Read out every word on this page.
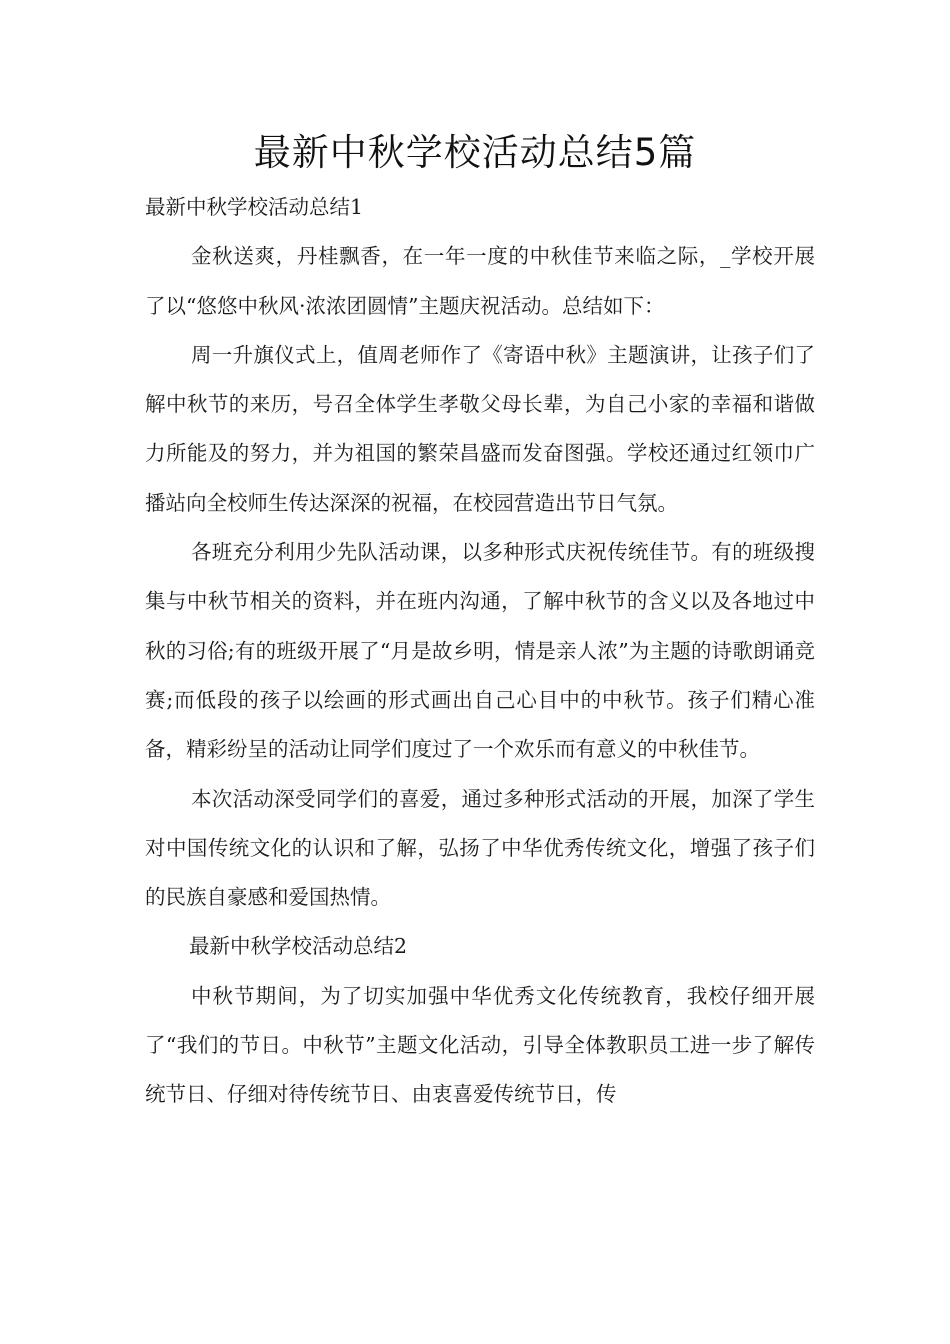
最新中秋学校活动总结5篇

最新中秋学校活动总结1

金秋送爽，丹桂飘香，在一年一度的中秋佳节来临之际，_学校开展了以“悠悠中秋风·浓浓团圆情”主题庆祝活动。总结如下：

周一升旗仪式上，值周老师作了《寄语中秋》主题演讲，让孩子们了解中秋节的来历，号召全体学生孝敬父母长辈，为自己小家的幸福和谐做力所能及的努力，并为祖国的繁荣昌盛而发奋图强。学校还通过红领巾广播站向全校师生传达深深的祝福，在校园营造出节日气氛。

各班充分利用少先队活动课，以多种形式庆祝传统佳节。有的班级搜集与中秋节相关的资料，并在班内沟通，了解中秋节的含义以及各地过中秋的习俗;有的班级开展了“月是故乡明，情是亲人浓”为主题的诗歌朗诵竞赛;而低段的孩子以绘画的形式画出自己心目中的中秋节。孩子们精心准备，精彩纷呈的活动让同学们度过了一个欢乐而有意义的中秋佳节。

本次活动深受同学们的喜爱，通过多种形式活动的开展，加深了学生对中国传统文化的认识和了解，弘扬了中华优秀传统文化，增强了孩子们的民族自豪感和爱国热情。

最新中秋学校活动总结2

中秋节期间，为了切实加强中华优秀文化传统教育，我校仔细开展了“我们的节日。中秋节”主题文化活动，引导全体教职员工进一步了解传统节日、仔细对待传统节日、由衷喜爱传统节日，传
